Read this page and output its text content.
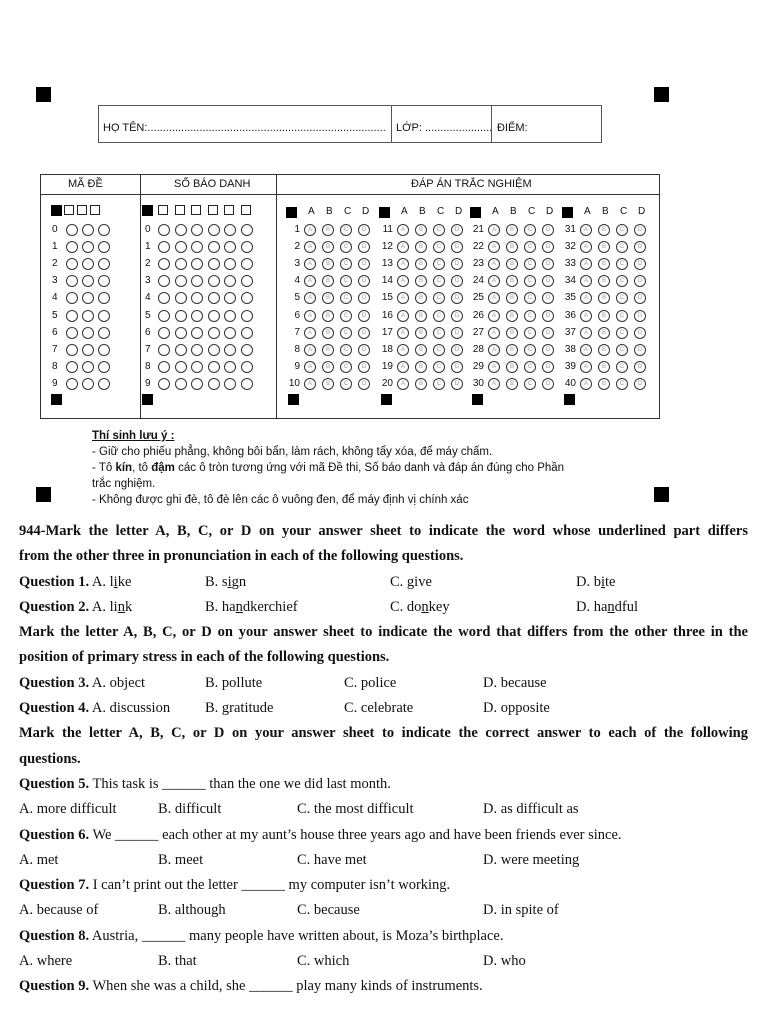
HỌ TÊN:.............................................................................. LỚP: ...................... ĐIỂM:
MÃ ĐỀ	SỐ BÁO DANH	ĐÁP ÁN TRẮC NGHIỆM
0	0
1	1
2	2
3	3
4	4
5	5
6	6
7	7
8	8
9	9
A B C D
1	A	B	C	D
2	A	B	C	D
3	A	B	C	D
4	A	B	C	D
5	A	B	C	D
6	A	B	C	D
7	A	B	C	D
8	A	B	C	D
9	A	B	C	D
10	A	B	C	D
A B C D
11	A	B	C	D
12	A	B	C	D
13	A	B	C	D
14	A	B	C	D
15	A	B	C	D
16	A	B	C	D
17	A	B	C	D
18	A	B	C	D
19	A	B	C	D
20	A	B	C	D
A B C D
21	A	B	C	D
22	A	B	C	D
23	A	B	C	D
24	A	B	C	D
25	A	B	C	D
26	A	B	C	D
27	A	B	C	D
28	A	B	C	D
29	A	B	C	D
30	A	B	C	D
A B C D
31	A	B	C	D
32	A	B	C	D
33	A	B	C	D
34	A	B	C	D
35	A	B	C	D
36	A	B	C	D
37	A	B	C	D
38	A	B	C	D
39	A	B	C	D
40	A	B	C	D
Thí sinh lưu ý :
- Giữ cho phiếu phẳng, không bôi bẩn, làm rách, không tẩy xóa, để máy chấm.
- Tô kín, tô đậm các ô tròn tương ứng với mã Đề thi, Số báo danh và đáp án đúng cho Phần
trắc nghiệm.
- Không được ghi đè, tô đè lên các ô vuông đen, để máy định vị chính xác
944-Mark the letter A, B, C, or D on your answer sheet to indicate the word whose underlined part differs
from the other three in pronunciation in each of the following questions.
Question 1. A. like	B. sign	C. give	D. bite
Question 2. A. link	B. handkerchief	C. donkey	D. handful
Mark the letter A, B, C, or D on your answer sheet to indicate the word that differs from the other three in the
position of primary stress in each of the following questions.
Question 3. A. object	B. pollute	C. police	D. because
Question 4. A. discussion B. gratitude	C. celebrate	D. opposite
Mark the letter A, B, C, or D on your answer sheet to indicate the correct answer to each of the following
questions.
Question 5. This task is ______ than the one we did last month.
A. more difficult	B. difficult	C. the most difficult	D. as difficult as
Question 6. We ______ each other at my aunt’s house three years ago and have been friends ever since.
A. met	B. meet	C. have met	D. were meeting
Question 7. I can’t print out the letter ______ my computer isn’t working.
A. because of	B. although	C. because	D. in spite of
Question 8. Austria, ______ many people have written about, is Moza’s birthplace.
A. where	B. that	C. which	D. who
Question 9. When she was a child, she ______ play many kinds of instruments.
